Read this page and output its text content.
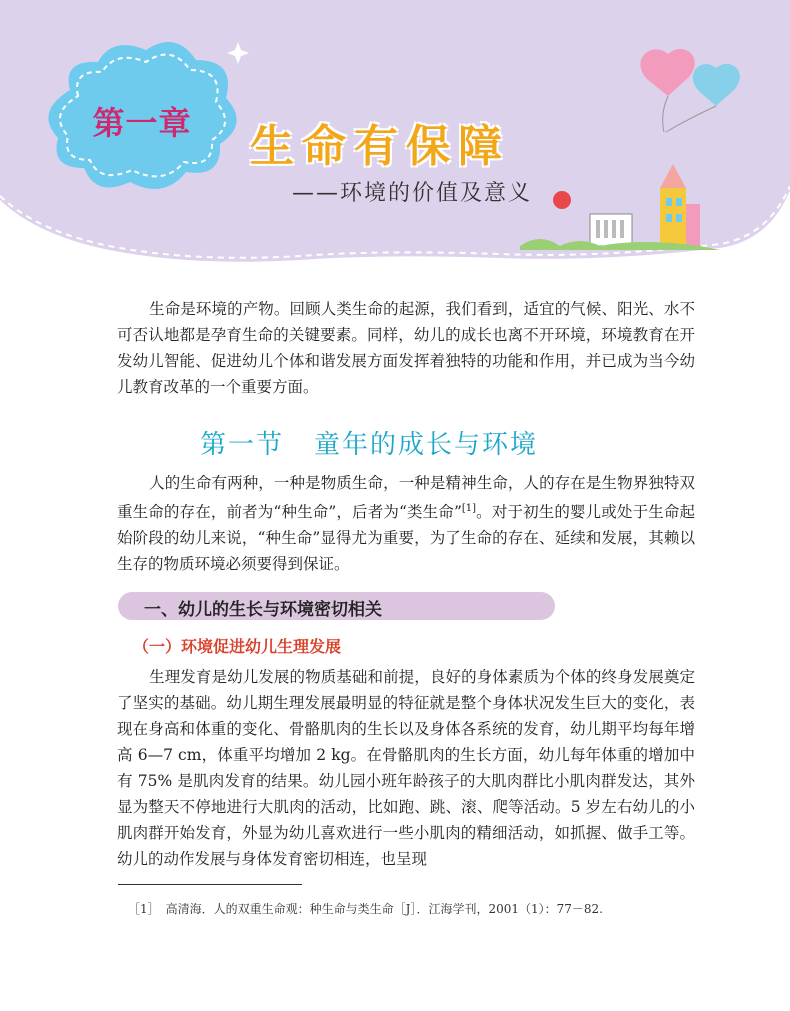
第一章 生命有保障
——环境的价值及意义

生命是环境的产物。回顾人类生命的起源，我们看到，适宜的气候、阳光、水不可否认地都是孕育生命的关键要素。同样，幼儿的成长也离不开环境，环境教育在开发幼儿智能、促进幼儿个体和谐发展方面发挥着独特的功能和作用，并已成为当今幼儿教育改革的一个重要方面。

第一节 童年的成长与环境

人的生命有两种，一种是物质生命，一种是精神生命，人的存在是生物界独特双重生命的存在，前者为“种生命”，后者为“类生命”[1]。对于初生的婴儿或处于生命起始阶段的幼儿来说，“种生命”显得尤为重要，为了生命的存在、延续和发展，其赖以生存的物质环境必须要得到保证。

一、幼儿的生长与环境密切相关
（一）环境促进幼儿生理发展

生理发育是幼儿发展的物质基础和前提，良好的身体素质为个体的终身发展奠定了坚实的基础。幼儿期生理发展最明显的特征就是整个身体状况发生巨大的变化，表现在身高和体重的变化、骨骼肌肉的生长以及身体各系统的发育，幼儿期平均每年增高 6—7 cm，体重平均增加 2 kg。在骨骼肌肉的生长方面，幼儿每年体重的增加中有 75% 是肌肉发育的结果。幼儿园小班年龄孩子的大肌肉群比小肌肉群发达，其外显为整天不停地进行大肌肉的活动，比如跑、跳、滚、爬等活动。5 岁左右幼儿的小肌肉群开始发育，外显为幼儿喜欢进行一些小肌肉的精细活动，如抓握、做手工等。幼儿的动作发展与身体发育密切相连，也呈现

［1］  高清海．人的双重生命观：种生命与类生命［J］．江海学刊，2001（1）：77－82.
